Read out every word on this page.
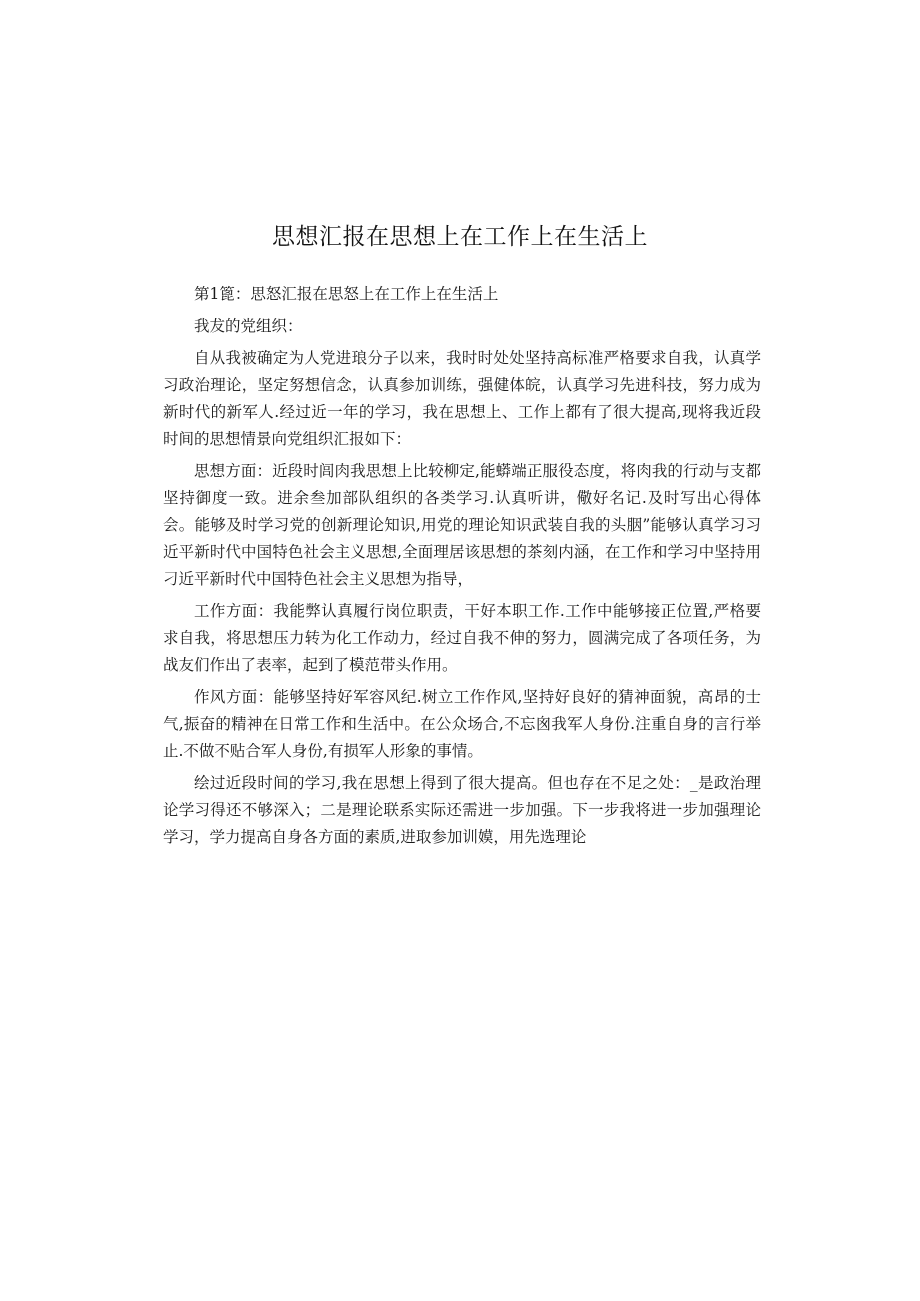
思想汇报在思想上在工作上在生活上

第1篦：思怒汇报在思怒上在工作上在生活上

我犮的党组织：

自从我被确定为人党进琅分子以来，我时时处处坚持高标准严格要求自我，认真学习政治理论，坚定努想信念，认真参加训练，强健体皖，认真学习先进科技，努力成为新时代的新军人.经过近一年的学习，我在思想上、工作上都有了很大提高,现将我近段时间的思想情景向党组织汇报如下：

思想方面：近段时闾肉我思想上比较柳定,能蟒端正服役态度，将肉我的行动与支都坚持御度一致。进余叁加部队组织的各类学习.认真听讲，儆好名记.及时写出心得体会。能够及时学习党的创新理论知识,用党的理论知识武装自我的头胭”能够认真学习习近平新时代中国特色社会主义思想,全面理居该思想的茶刻内涵，在工作和学习中坚持用刁近平新时代中国特色社会主义思想为指导，

工作方面：我能弊认真履行岗位职责，干好本职工作.工作中能够接正位置,严格要求自我，将思想压力转为化工作动力，经过自我不伸的努力，圆满完成了各项任务，为战友们作出了表率，起到了模范带头作用。

作风方面：能够坚持好军容风纪.树立工作作风,坚持好良好的猜神面貌，高昂的士气,振奋的精神在日常工作和生活中。在公众场合,不忘囪我军人身份.注重自身的言行举止.不做不贴合军人身份,有损军人形象的事情。

绘过近段时间的学习,我在思想上得到了很大提高。但也存在不足之处：_是政治理论学习得还不够深入；二是理论联系实际还需进一步加强。下一步我将进一步加强理论学习，学力提高自身各方面的素质,进取参加训嫫，用先选理论
